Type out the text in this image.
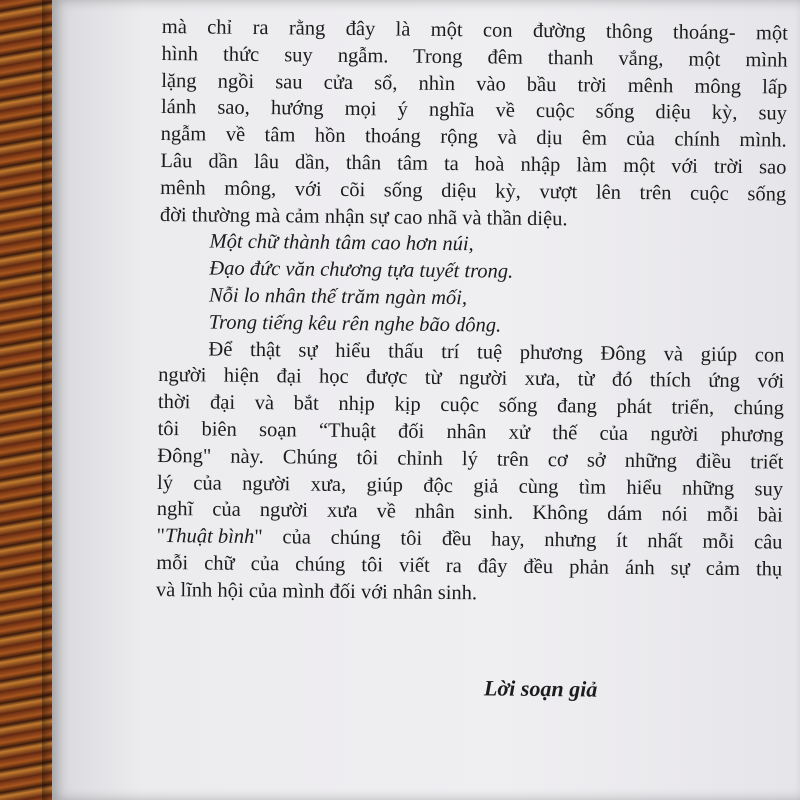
mà chỉ ra rằng đây là một con đường thông thoáng- một
hình thức suy ngẫm. Trong đêm thanh vắng, một mình
lặng ngồi sau cửa sổ, nhìn vào bầu trời mênh mông lấp
lánh sao, hướng mọi ý nghĩa về cuộc sống diệu kỳ, suy
ngẫm về tâm hồn thoáng rộng và dịu êm của chính mình.
Lâu dần lâu dần, thân tâm ta hoà nhập làm một với trời sao
mênh mông, với cõi sống diệu kỳ, vượt lên trên cuộc sống
đời thường mà cảm nhận sự cao nhã và thần diệu.
Một chữ thành tâm cao hơn núi,
Đạo đức văn chương tựa tuyết trong.
Nỗi lo nhân thế trăm ngàn mối,
Trong tiếng kêu rên nghe bão dông.
Để thật sự hiểu thấu trí tuệ phương Đông và giúp con
người hiện đại học được từ người xưa, từ đó thích ứng với
thời đại và bắt nhịp kịp cuộc sống đang phát triển, chúng
tôi biên soạn “Thuật đối nhân xử thế của người phương
Đông" này. Chúng tôi chỉnh lý trên cơ sở những điều triết
lý của người xưa, giúp độc giả cùng tìm hiểu những suy
nghĩ của người xưa về nhân sinh. Không dám nói mỗi bài
" Thuật bình " của chúng tôi đều hay, nhưng ít nhất mỗi câu
mỗi chữ của chúng tôi viết ra đây đều phản ánh sự cảm thụ
và lĩnh hội của mình đối với nhân sinh.
Lời soạn giả
